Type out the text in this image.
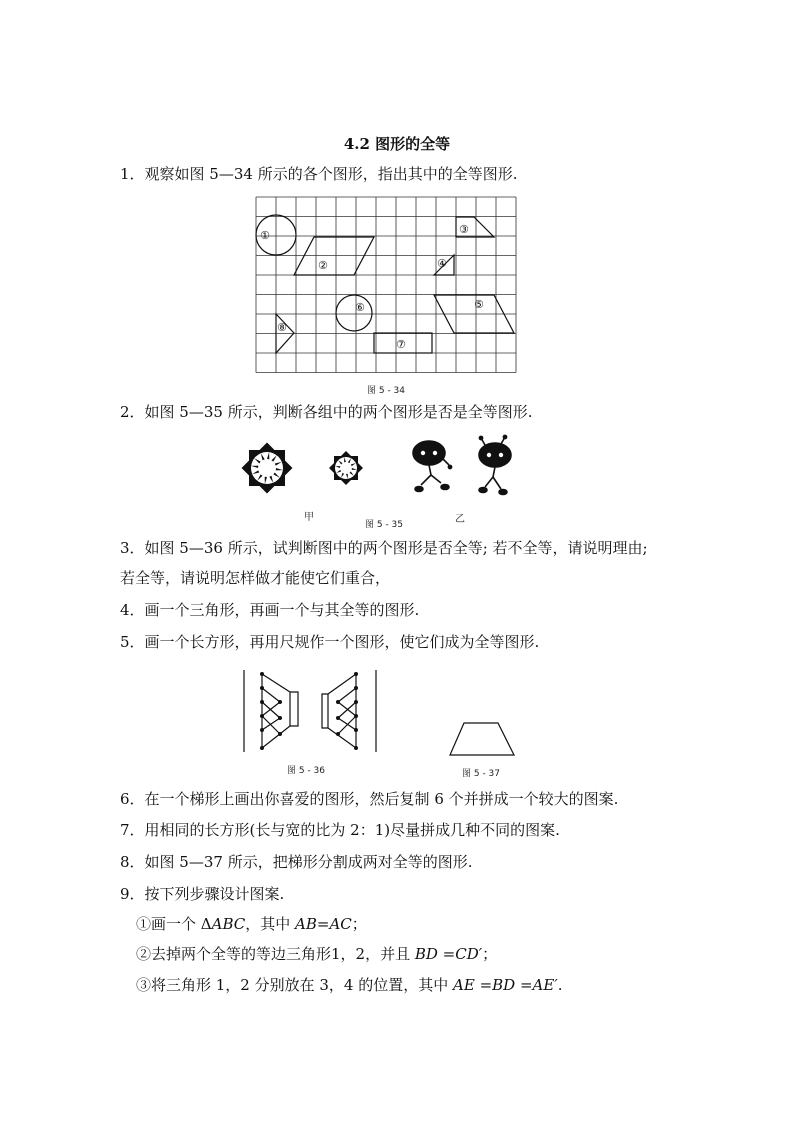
4.2 图形的全等
1．观察如图 5—34 所示的各个图形，指出其中的全等图形.
①
②
③
④
⑤
⑥
⑦
⑧
图 5 - 34
2．如图 5—35 所示，判断各组中的两个图形是否是全等图形.
甲	乙
图 5 - 35
3．如图 5—36 所示，试判断图中的两个图形是否全等; 若不全等，请说明理由;
若全等，请说明怎样做才能使它们重合，
4．画一个三角形，再画一个与其全等的图形.
5．画一个长方形，再用尺规作一个图形，使它们成为全等图形.
图 5 - 36	图 5 - 37
6．在一个梯形上画出你喜爱的图形，然后复制 6 个并拼成一个较大的图案.
7．用相同的长方形(长与宽的比为 2：1)尽量拼成几种不同的图案.
8．如图 5—37 所示，把梯形分割成两对全等的图形.
9．按下列步骤设计图案.
①画一个 ΔABC，其中 AB=AC；
②去掉两个全等的等边三角形1，2，并且 BD =CD′；
③将三角形 1，2 分别放在 3，4 的位置，其中 AE =BD =AE′.
